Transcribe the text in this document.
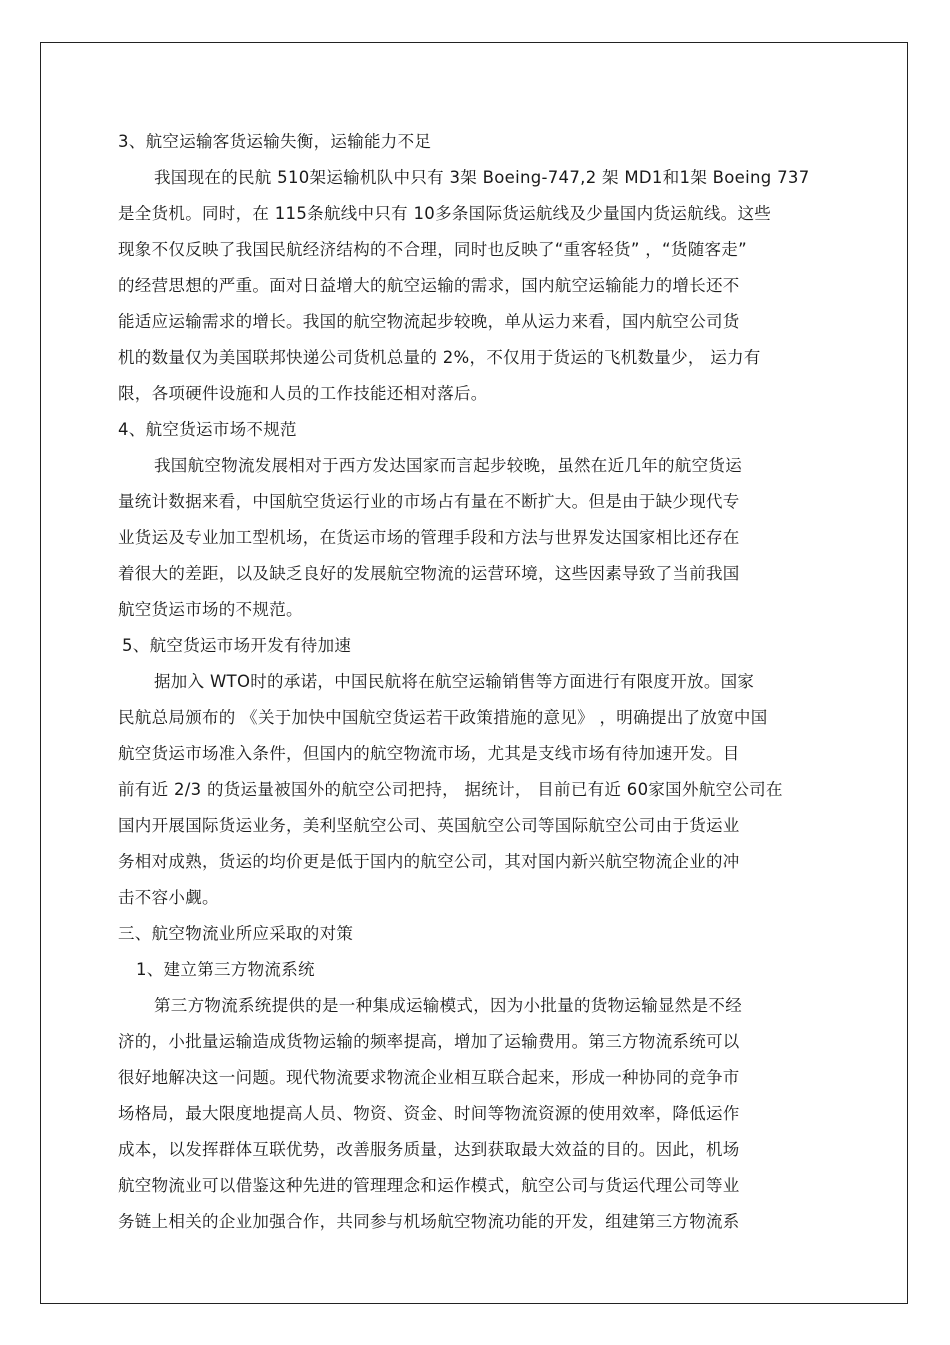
3、航空运输客货运输失衡，运输能力不足
我国现在的民航 510架运输机队中只有 3架 Boeing-747,2 架 MD1和1架 Boeing 737
是全货机。同时，在 115条航线中只有 10多条国际货运航线及少量国内货运航线。这些
现象不仅反映了我国民航经济结构的不合理，同时也反映了“重客轻货” ，“货随客走”
的经营思想的严重。面对日益增大的航空运输的需求，国内航空运输能力的增长还不
能适应运输需求的增长。我国的航空物流起步较晚，单从运力来看，国内航空公司货
机的数量仅为美国联邦快递公司货机总量的 2%，不仅用于货运的飞机数量少， 运力有
限，各项硬件设施和人员的工作技能还相对落后。
4、航空货运市场不规范
我国航空物流发展相对于西方发达国家而言起步较晚，虽然在近几年的航空货运
量统计数据来看，中国航空货运行业的市场占有量在不断扩大。但是由于缺少现代专
业货运及专业加工型机场，在货运市场的管理手段和方法与世界发达国家相比还存在
着很大的差距，以及缺乏良好的发展航空物流的运营环境，这些因素导致了当前我国
航空货运市场的不规范。
5、航空货运市场开发有待加速
据加入 WTO时的承诺，中国民航将在航空运输销售等方面进行有限度开放。国家
民航总局颁布的 《关于加快中国航空货运若干政策措施的意见》 ，明确提出了放宽中国
航空货运市场准入条件，但国内的航空物流市场，尤其是支线市场有待加速开发。目
前有近 2/3 的货运量被国外的航空公司把持， 据统计， 目前已有近 60家国外航空公司在
国内开展国际货运业务，美利坚航空公司、英国航空公司等国际航空公司由于货运业
务相对成熟，货运的均价更是低于国内的航空公司，其对国内新兴航空物流企业的冲
击不容小觑。
三、航空物流业所应采取的对策
1、建立第三方物流系统
第三方物流系统提供的是一种集成运输模式，因为小批量的货物运输显然是不经
济的，小批量运输造成货物运输的频率提高，增加了运输费用。第三方物流系统可以
很好地解决这一问题。现代物流要求物流企业相互联合起来，形成一种协同的竞争市
场格局，最大限度地提高人员、物资、资金、时间等物流资源的使用效率，降低运作
成本，以发挥群体互联优势，改善服务质量，达到获取最大效益的目的。因此，机场
航空物流业可以借鉴这种先进的管理理念和运作模式，航空公司与货运代理公司等业
务链上相关的企业加强合作，共同参与机场航空物流功能的开发，组建第三方物流系
